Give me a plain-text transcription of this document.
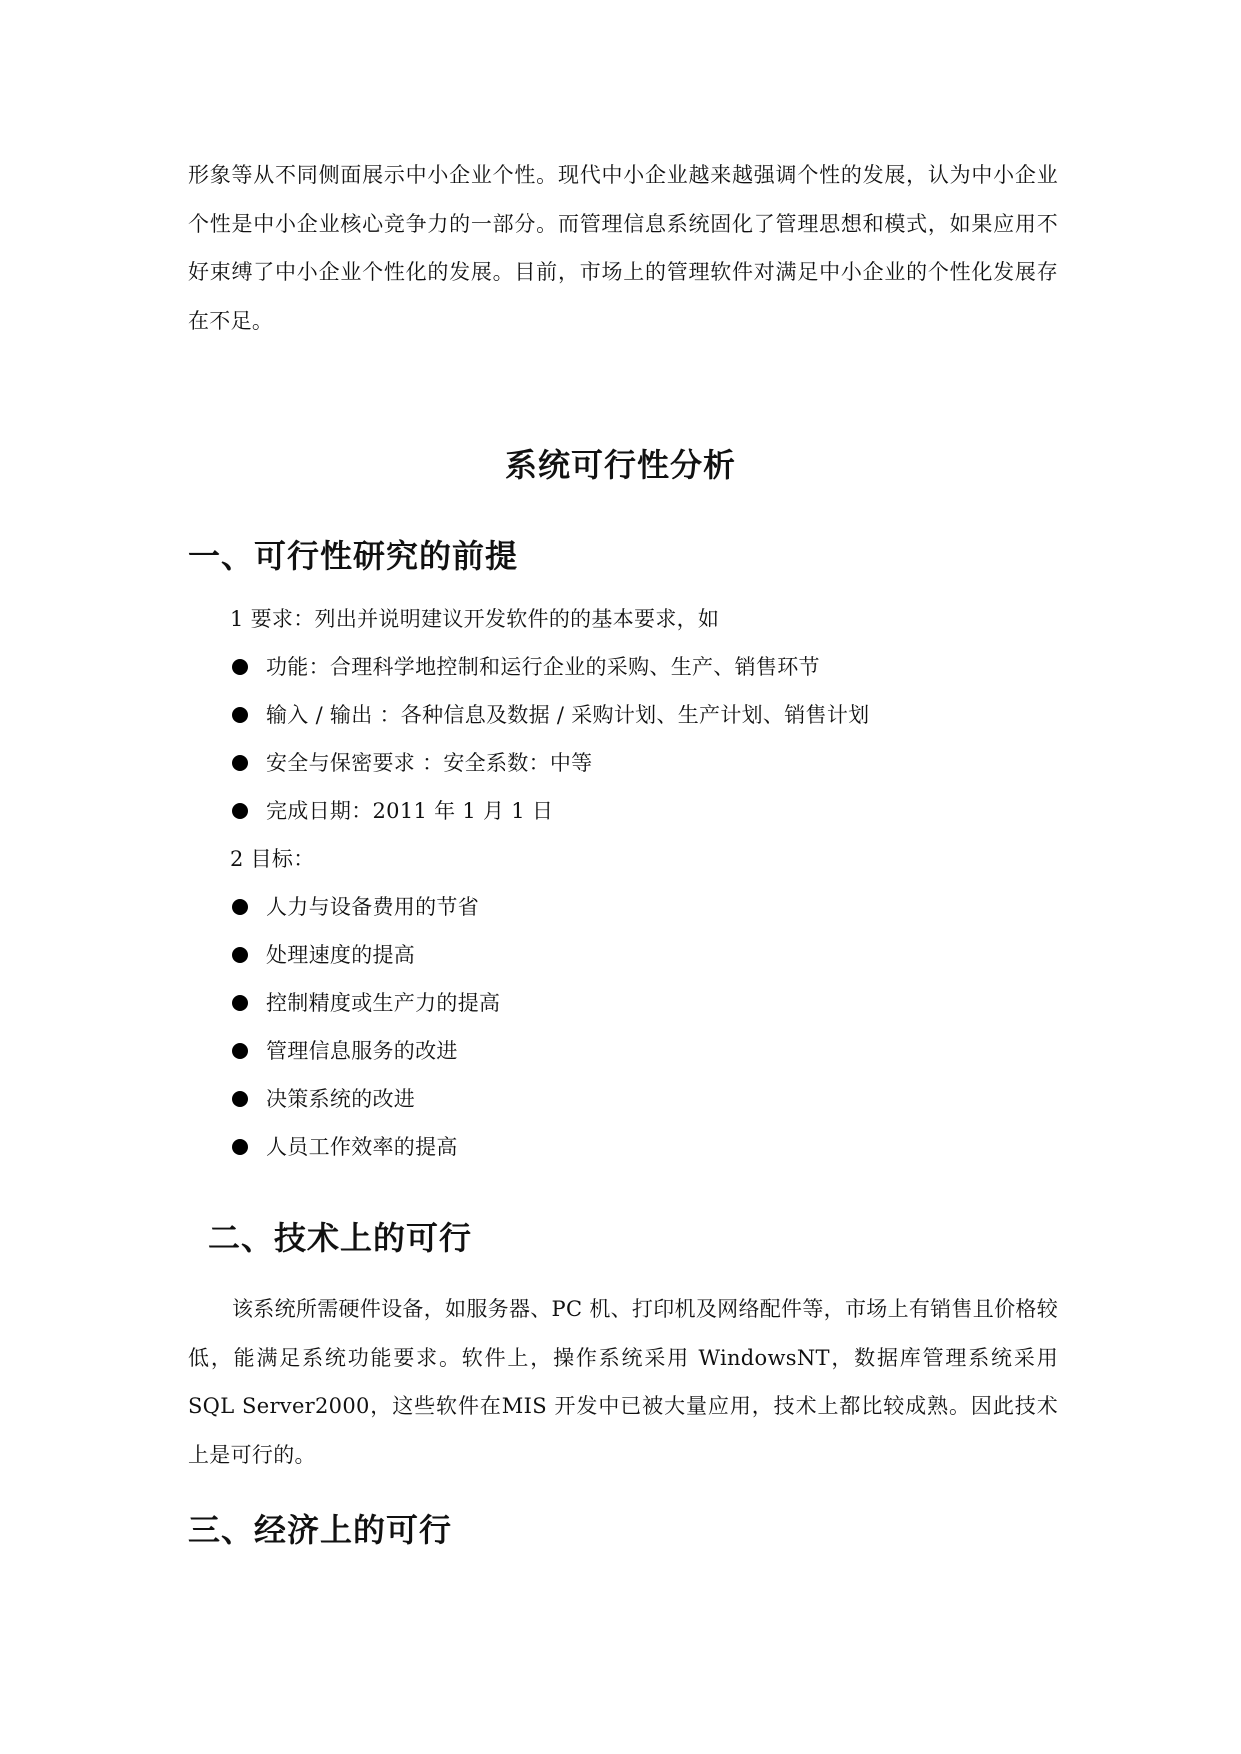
形象等从不同侧面展示中小企业个性。现代中小企业越来越强调个性的发展，认为中小企业个性是中小企业核心竞争力的一部分。而管理信息系统固化了管理思想和模式，如果应用不好束缚了中小企业个性化的发展。目前，市场上的管理软件对满足中小企业的个性化发展存在不足。
系统可行性分析
一、可行性研究的前提
1 要求：列出并说明建议开发软件的的基本要求，如
功能：合理科学地控制和运行企业的采购、生产、销售环节
输入 / 输出 ：各种信息及数据 / 采购计划、生产计划、销售计划
安全与保密要求 ：安全系数：中等
完成日期：2011 年 1 月 1 日
2 目标：
人力与设备费用的节省
处理速度的提高
控制精度或生产力的提高
管理信息服务的改进
决策系统的改进
人员工作效率的提高
二、技术上的可行
该系统所需硬件设备，如服务器、PC 机、打印机及网络配件等，市场上有销售且价格较低，能满足系统功能要求。软件上，操作系统采用 WindowsNT，数据库管理系统采用 SQL Server2000，这些软件在MIS 开发中已被大量应用，技术上都比较成熟。因此技术上是可行的。
三、经济上的可行
